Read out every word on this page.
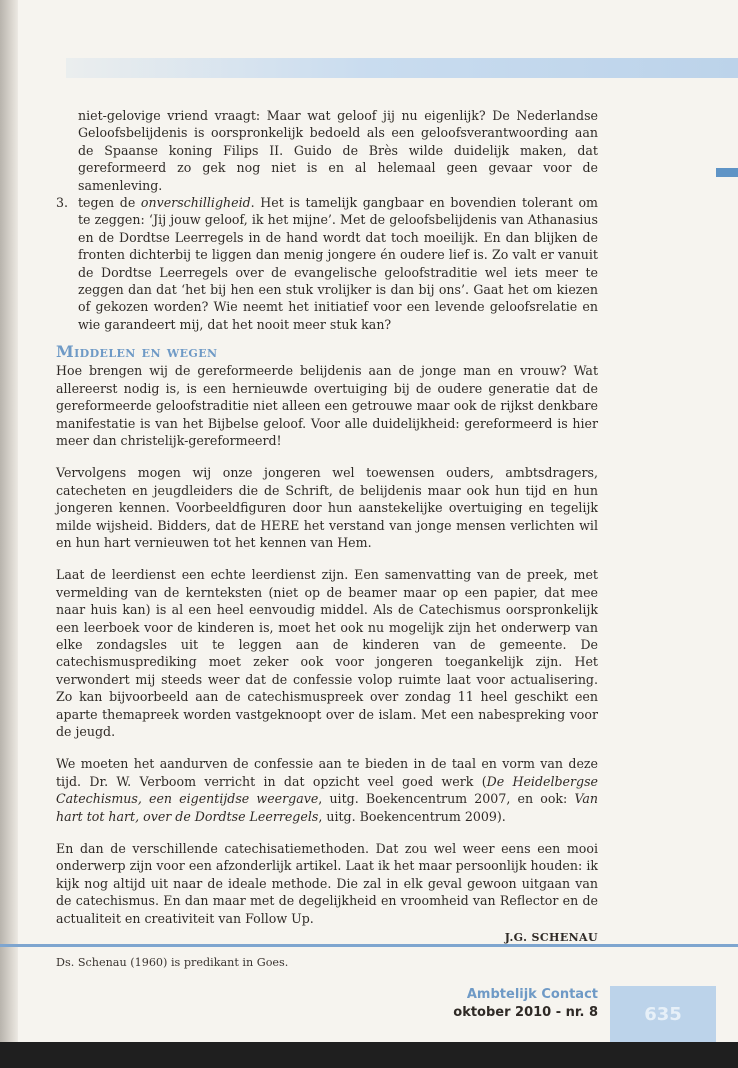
niet-gelovige vriend vraagt: Maar wat geloof jij nu eigenlijk? De Nederlandse Geloofsbelijdenis is oorspronkelijk bedoeld als een geloofsverantwoording aan de Spaanse koning Filips II. Guido de Brès wilde duidelijk maken, dat gereformeerd zo gek nog niet is en al helemaal geen gevaar voor de samenleving.

3. tegen de onverschilligheid. Het is tamelijk gangbaar en bovendien tolerant om te zeggen: ‘Jij jouw geloof, ik het mijne’. Met de geloofsbelijdenis van Athanasius en de Dordtse Leerregels in de hand wordt dat toch moeilijk. En dan blijken de fronten dichterbij te liggen dan menig jongere én oudere lief is. Zo valt er vanuit de Dordtse Leerregels over de evangelische geloofstraditie wel iets meer te zeggen dan dat ‘het bij hen een stuk vrolijker is dan bij ons’. Gaat het om kiezen of gekozen worden? Wie neemt het initiatief voor een levende geloofsrelatie en wie garandeert mij, dat het nooit meer stuk kan?
Middelen en wegen

Hoe brengen wij de gereformeerde belijdenis aan de jonge man en vrouw? Wat allereerst nodig is, is een hernieuwde overtuiging bij de oudere generatie dat de gereformeerde geloofstraditie niet alleen een getrouwe maar ook de rijkst denkbare manifestatie is van het Bijbelse geloof. Voor alle duidelijkheid: gereformeerd is hier meer dan christelijk-gereformeerd!

Vervolgens mogen wij onze jongeren wel toewensen ouders, ambtsdragers, catecheten en jeugdleiders die de Schrift, de belijdenis maar ook hun tijd en hun jongeren kennen. Voorbeeldfiguren door hun aanstekelijke overtuiging en tegelijk milde wijsheid. Bidders, dat de HERE het verstand van jonge mensen verlichten wil en hun hart vernieuwen tot het kennen van Hem.

Laat de leerdienst een echte leerdienst zijn. Een samenvatting van de preek, met vermelding van de kernteksten (niet op de beamer maar op een papier, dat mee naar huis kan) is al een heel eenvoudig middel. Als de Catechismus oorspronkelijk een leerboek voor de kinderen is, moet het ook nu mogelijk zijn het onderwerp van elke zondagsles uit te leggen aan de kinderen van de gemeente. De catechismusprediking moet zeker ook voor jongeren toegankelijk zijn. Het verwondert mij steeds weer dat de confessie volop ruimte laat voor actualisering. Zo kan bijvoorbeeld aan de catechismuspreek over zondag 11 heel geschikt een aparte themapreek worden vastgeknoopt over de islam. Met een nabespreking voor de jeugd.

We moeten het aandurven de confessie aan te bieden in de taal en vorm van deze tijd. Dr. W. Verboom verricht in dat opzicht veel goed werk (De Heidelbergse Catechismus, een eigentijdse weergave, uitg. Boekencentrum 2007, en ook: Van hart tot hart, over de Dordtse Leerregels, uitg. Boekencentrum 2009).

En dan de verschillende catechisatiemethoden. Dat zou wel weer eens een mooi onderwerp zijn voor een afzonderlijk artikel. Laat ik het maar persoonlijk houden: ik kijk nog altijd uit naar de ideale methode. Die zal in elk geval gewoon uitgaan van de catechismus. En dan maar met de degelijkheid en vroomheid van Reflector en de actualiteit en creativiteit van Follow Up.

J.G. SCHENAU
Ds. Schenau (1960) is predikant in Goes.
Ambtelijk Contact
oktober 2010 - nr. 8	635
